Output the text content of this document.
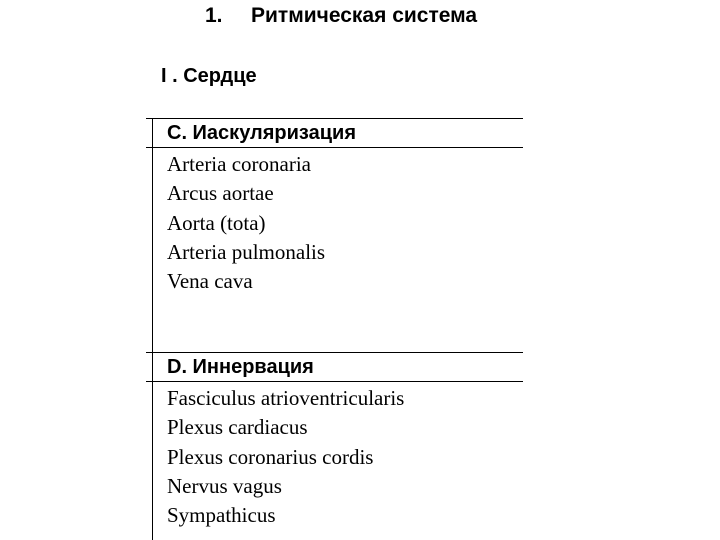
1. Ритмическая система
I . Сердце
C. Иаскуляризация
Arteria coronaria
Arcus aortae
Aorta (tota)
Arteria pulmonalis
Vena cava
D. Иннервация
Fasciculus atrioventricularis
Plexus cardiacus
Plexus coronarius cordis
Nervus vagus
Sympathicus
